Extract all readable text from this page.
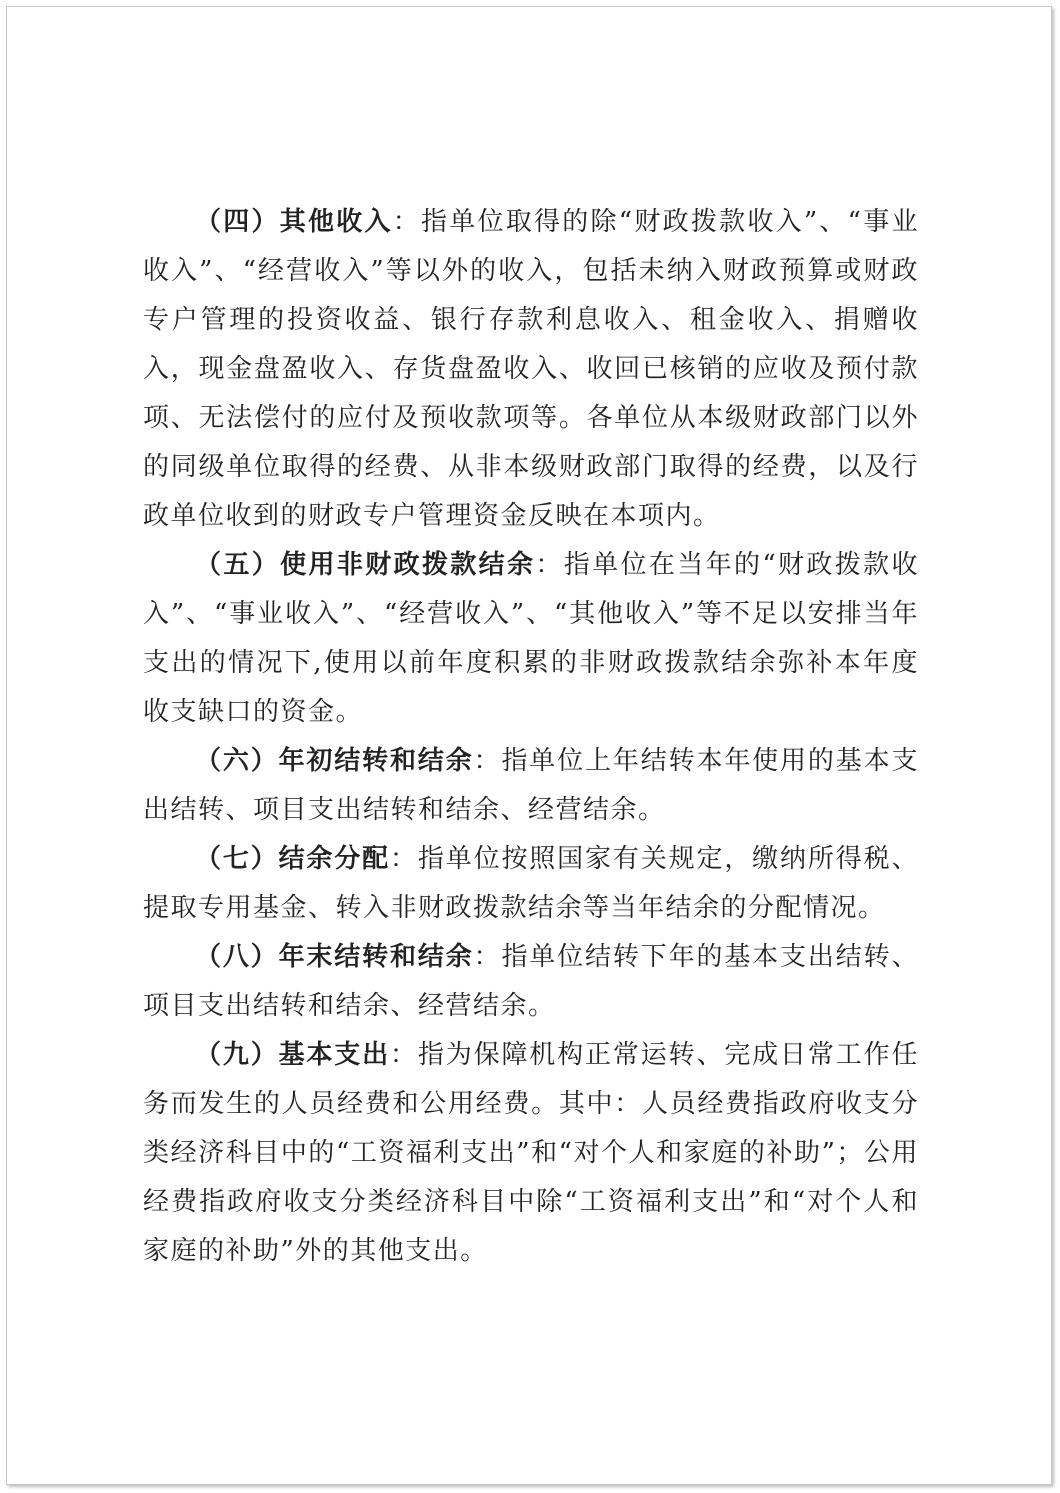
（四）其他收入：指单位取得的除“财政拨款收入”、“事业收入”、“经营收入”等以外的收入，包括未纳入财政预算或财政专户管理的投资收益、银行存款利息收入、租金收入、捐赠收入，现金盘盈收入、存货盘盈收入、收回已核销的应收及预付款项、无法偿付的应付及预收款项等。各单位从本级财政部门以外的同级单位取得的经费、从非本级财政部门取得的经费，以及行政单位收到的财政专户管理资金反映在本项内。

（五）使用非财政拨款结余：指单位在当年的“财政拨款收入”、“事业收入”、“经营收入”、“其他收入”等不足以安排当年支出的情况下,使用以前年度积累的非财政拨款结余弥补本年度收支缺口的资金。

（六）年初结转和结余：指单位上年结转本年使用的基本支出结转、项目支出结转和结余、经营结余。

（七）结余分配：指单位按照国家有关规定，缴纳所得税、提取专用基金、转入非财政拨款结余等当年结余的分配情况。

（八）年末结转和结余：指单位结转下年的基本支出结转、项目支出结转和结余、经营结余。

（九）基本支出：指为保障机构正常运转、完成日常工作任务而发生的人员经费和公用经费。其中：人员经费指政府收支分类经济科目中的“工资福利支出”和“对个人和家庭的补助”；公用经费指政府收支分类经济科目中除“工资福利支出”和“对个人和家庭的补助”外的其他支出。
